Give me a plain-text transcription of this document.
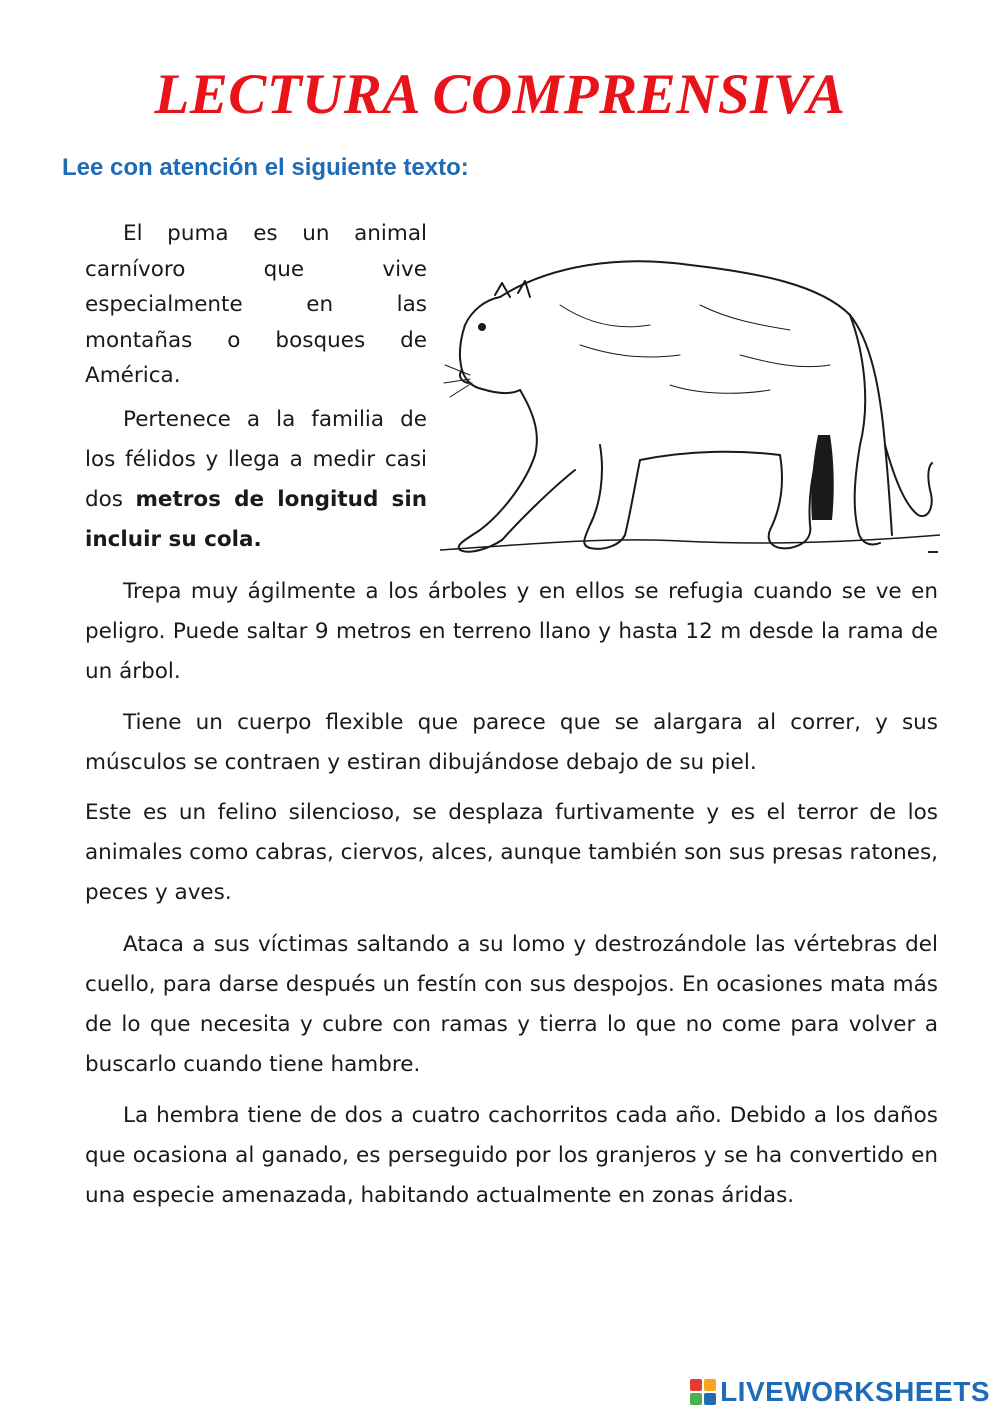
LECTURA COMPRENSIVA
Lee con atención el siguiente texto:

El puma es un animal carnívoro que vive especialmente en las montañas o bosques de América.

Pertenece a la familia de los félidos y llega a medir casi dos metros de longitud sin incluir su cola.

Trepa muy ágilmente a los árboles y en ellos se refugia cuando se ve en peligro. Puede saltar 9 metros en terreno llano y hasta 12 m desde la rama de un árbol.

Tiene un cuerpo flexible que parece que se alargara al correr, y sus músculos se contraen y estiran dibujándose debajo de su piel.

Este es un felino silencioso, se desplaza furtivamente y es el terror de los animales como cabras, ciervos, alces, aunque también son sus presas ratones, peces y aves.

Ataca a sus víctimas saltando a su lomo y destrozándole las vértebras del cuello, para darse después un festín con sus despojos. En ocasiones mata más de lo que necesita y cubre con ramas y tierra lo que no come para volver a buscarlo cuando tiene hambre.

La hembra tiene de dos a cuatro cachorritos cada año. Debido a los daños que ocasiona al ganado, es perseguido por los granjeros y se ha convertido en una especie amenazada, habitando actualmente en zonas áridas.

LIVEWORKSHEETS
